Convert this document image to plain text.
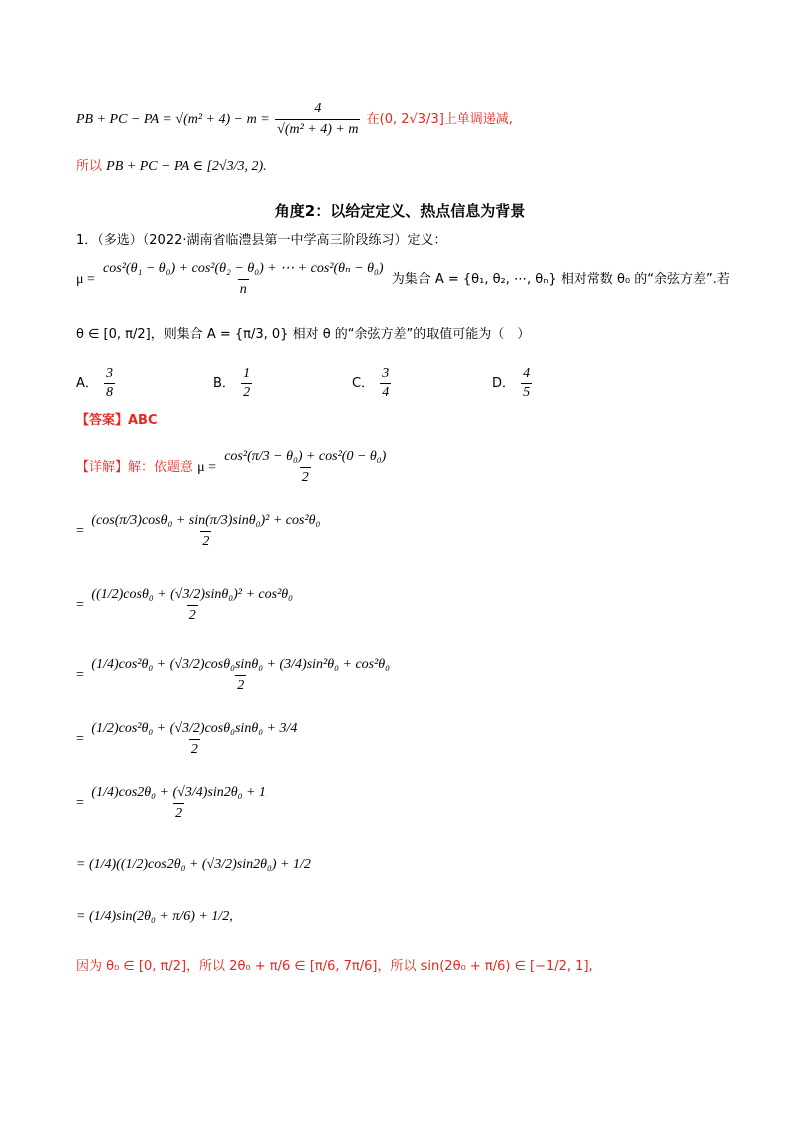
PB + PC − PA = $√(m^2 + 4) - m = \frac{4}{\text{√(m² + 4) + m}}$ 在(0, 2√3/3]上单调递减,
所以 PB + PC − PA ∈ [2√3/3, 2).
角度2：以给定定义、热点信息为背景
1．（多选）（2022·湖南省临澧县第一中学高三阶段练习）定义：
$\mu = \frac{\text{cos²(θ₁ − θ₀) + cos²(θ₂ − θ₀) + ⋯ + cos²(θₙ − θ₀)}}{n}$ 为集合 A = {θ₁, θ₂, ⋯, θₙ} 相对常数 θ₀ 的“余弦方差”.若
θ ∈ [0, π/2]，则集合 A = {π/3, 0} 相对 θ 的“余弦方差”的取值可能为（　）
A． $\frac{3}{8}$	B． $\frac{1}{2}$	C． $\frac{3}{4}$	D． $\frac{4}{5}$
【答案】ABC
【详解】解：依题意 $\mu = \frac{\text{cos²(π/3 − θ₀) + cos²(0 − θ₀)}}{2}$
= $\frac{\text{(cos(π/3)cosθ₀ + sin(π/3)sinθ₀)² + cos²θ₀}}{2}$
= $\frac{\text{((1/2)cosθ₀ + (√3/2)sinθ₀)² + cos²θ₀}}{2}$
= $\frac{\text{(1/4)cos²θ₀ + (√3/2)cosθ₀sinθ₀ + (3/4)sin²θ₀ + cos²θ₀}}{2}$
= $\frac{\text{(1/2)cos²θ₀ + (√3/2)cosθ₀sinθ₀ + 3/4}}{2}$
= $\frac{\text{(1/4)cos2θ₀ + (√3/4)sin2θ₀ + 1}}{2}$
= (1/4)((1/2)cos2θ₀ + (√3/2)sin2θ₀) + 1/2
= (1/4)sin(2θ₀ + π/6) + 1/2,
因为 θ₀ ∈ [0, π/2]，所以 2θ₀ + π/6 ∈ [π/6, 7π/6]，所以 sin(2θ₀ + π/6) ∈ [−1/2, 1],
